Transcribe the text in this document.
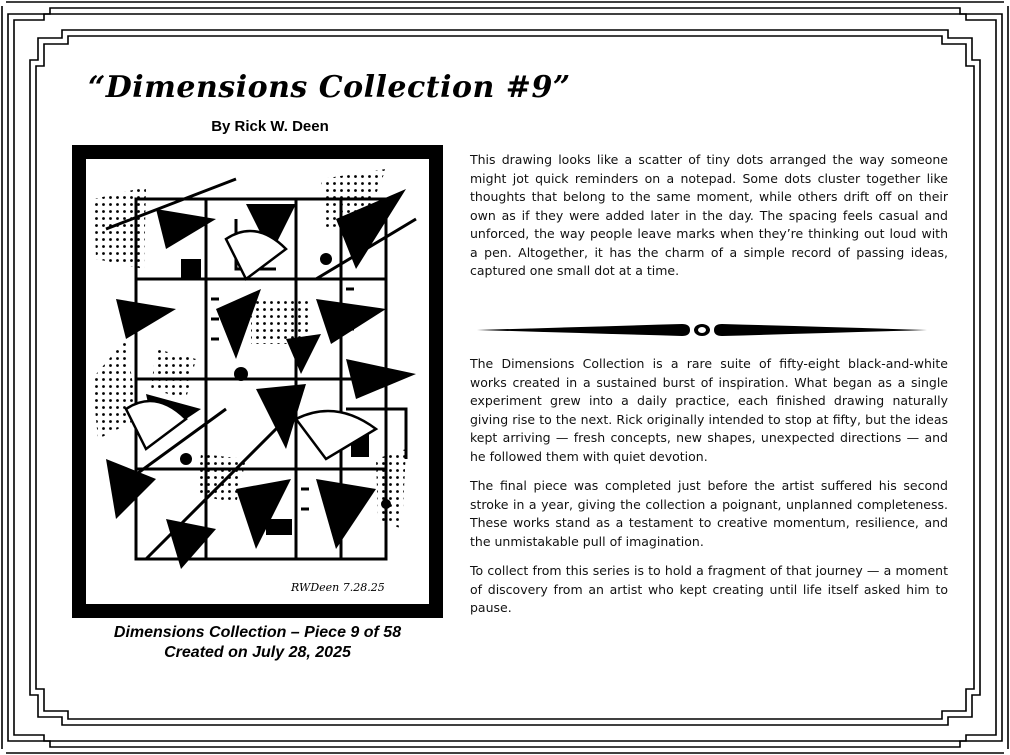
“Dimensions Collection #9”
By Rick W. Deen
RWDeen 7.28.25
Dimensions Collection – Piece 9 of 58
Created on July 28, 2025

This drawing looks like a scatter of tiny dots arranged the way someone might jot quick reminders on a notepad. Some dots cluster together like thoughts that belong to the same moment, while others drift off on their own as if they were added later in the day. The spacing feels casual and unforced, the way people leave marks when they’re thinking out loud with a pen. Altogether, it has the charm of a simple record of passing ideas, captured one small dot at a time.

The Dimensions Collection is a rare suite of fifty-eight black-and-white works created in a sustained burst of inspiration. What began as a single experiment grew into a daily practice, each finished drawing naturally giving rise to the next. Rick originally intended to stop at fifty, but the ideas kept arriving — fresh concepts, new shapes, unexpected directions — and he followed them with quiet devotion.

The final piece was completed just before the artist suffered his second stroke in a year, giving the collection a poignant, unplanned completeness. These works stand as a testament to creative momentum, resilience, and the unmistakable pull of imagination.

To collect from this series is to hold a fragment of that journey — a moment of discovery from an artist who kept creating until life itself asked him to pause.
